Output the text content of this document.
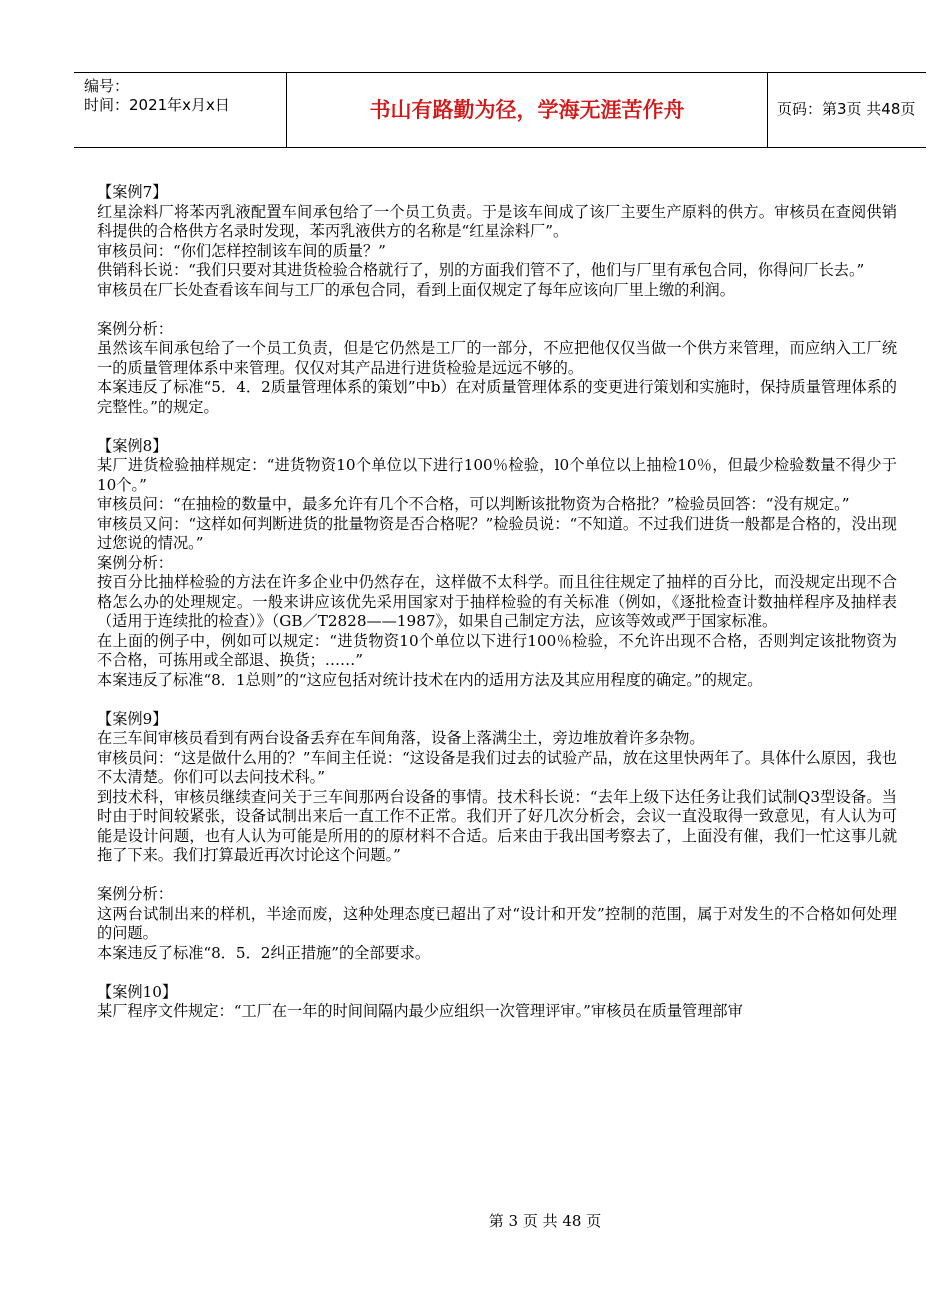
编号：
时间：2021年x月x日	书山有路勤为径，学海无涯苦作舟	页码：第3页 共48页

【案例7】

红星涂料厂将苯丙乳液配置车间承包给了一个员工负责。于是该车间成了该厂主要生产原料的供方。审核员在查阅供销科提供的合格供方名录时发现，苯丙乳液供方的名称是“红星涂料厂”。

审核员问：“你们怎样控制该车间的质量？”

供销科长说：“我们只要对其进货检验合格就行了，别的方面我们管不了，他们与厂里有承包合同，你得问厂长去。”

审核员在厂长处查看该车间与工厂的承包合同，看到上面仅规定了每年应该向厂里上缴的利润。

案例分析：

虽然该车间承包给了一个员工负责，但是它仍然是工厂的一部分，不应把他仅仅当做一个供方来管理，而应纳入工厂统一的质量管理体系中来管理。仅仅对其产品进行进货检验是远远不够的。

本案违反了标准“5．4．2质量管理体系的策划”中b）在对质量管理体系的变更进行策划和实施时，保持质量管理体系的完整性。”的规定。

【案例8】

某厂进货检验抽样规定：“进货物资10个单位以下进行100％检验，l0个单位以上抽检10％，但最少检验数量不得少于10个。”

审核员问：“在抽检的数量中，最多允许有几个不合格，可以判断该批物资为合格批？”检验员回答：“没有规定。”

审核员又问：“这样如何判断进货的批量物资是否合格呢？”检验员说：“不知道。不过我们进货一般都是合格的，没出现过您说的情况。”

案例分析：

按百分比抽样检验的方法在许多企业中仍然存在，这样做不太科学。而且往往规定了抽样的百分比，而没规定出现不合格怎么办的处理规定。一般来讲应该优先采用国家对于抽样检验的有关标准（例如，《逐批检查计数抽样程序及抽样表（适用于连续批的检查）》（GB／T2828——1987》，如果自己制定方法，应该等效或严于国家标准。

在上面的例子中，例如可以规定：“进货物资10个单位以下进行100％检验，不允许出现不合格，否则判定该批物资为不合格，可拣用或全部退、换货；……”

本案违反了标准“8．1总则”的“这应包括对统计技术在内的适用方法及其应用程度的确定。”的规定。

【案例9】

在三车间审核员看到有两台设备丢弃在车间角落，设备上落满尘土，旁边堆放着许多杂物。

审核员问：“这是做什么用的？”车间主任说：“这设备是我们过去的试验产品，放在这里快两年了。具体什么原因，我也不太清楚。你们可以去问技术科。”

到技术科，审核员继续查问关于三车间那两台设备的事情。技术科长说：“去年上级下达任务让我们试制Q3型设备。当时由于时间较紧张，设备试制出来后一直工作不正常。我们开了好几次分析会，会议一直没取得一致意见，有人认为可能是设计问题，也有人认为可能是所用的的原材料不合适。后来由于我出国考察去了，上面没有催，我们一忙这事儿就拖了下来。我们打算最近再次讨论这个问题。”

案例分析：

这两台试制出来的样机，半途而废，这种处理态度已超出了对“设计和开发”控制的范围，属于对发生的不合格如何处理的问题。

本案违反了标准“8．5．2纠正措施”的全部要求。

【案例10】

某厂程序文件规定：“工厂在一年的时间间隔内最少应组织一次管理评审。”审核员在质量管理部审

第 3 页 共 48 页
